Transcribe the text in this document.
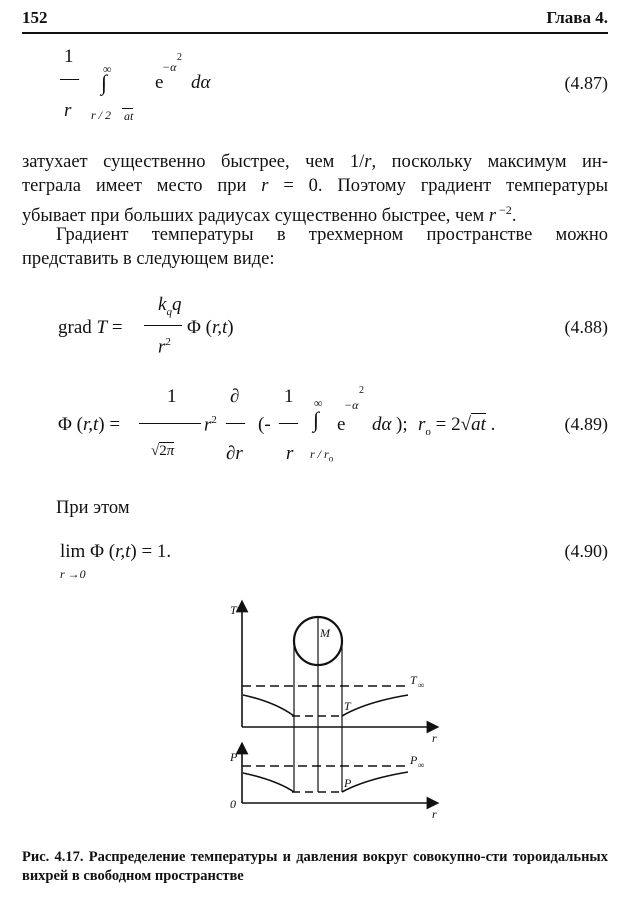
152	Глава 4.
1
—
r
∞
∫
r / 2 at
e
−α
2
dα	(4.87)
затухает существенно быстрее, чем 1/r, поскольку максимум ин-
теграла имеет место при r = 0. Поэтому градиент температуры
убывает при больших радиусах существенно быстрее, чем r $^{-2}$.
Градиент температуры в трехмерном пространстве можно представить в следующем виде:
grad T =
$k_qq$
$r^2$
Φ (r,t)	(4.88)
Φ (r,t) =
1
√2π
$r^2$
∂
—
∂r
(-
1
—
r
∞
∫
r / $r_o$
e
−α
2
dα ); $r_o = 2√at$ .	(4.89)
При этом
lim Φ (r,t) = 1.
r →0
(4.90)
T
r
P
r
0
M
T
P
T ∞
P ∞
Рис. 4.17. Распределение температуры и давления вокруг совокупно-сти тороидальных вихрей в свободном пространстве
